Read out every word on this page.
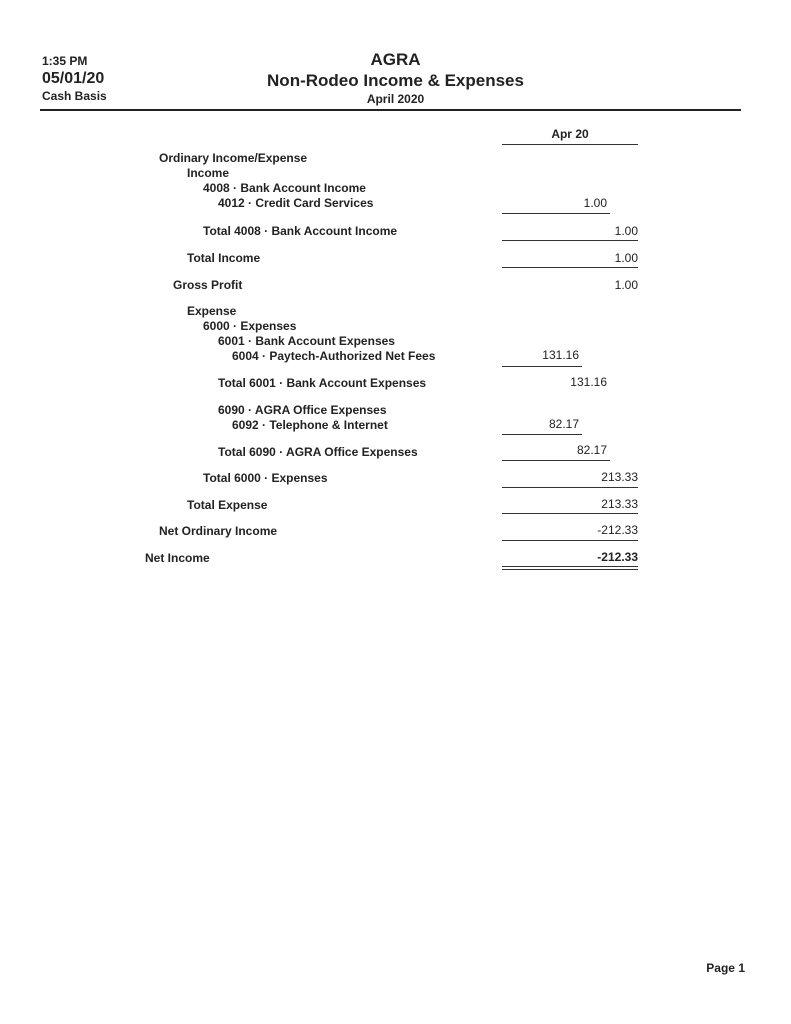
1:35 PM
05/01/20
Cash Basis
AGRA
Non-Rodeo Income & Expenses
April 2020
Apr 20
Ordinary Income/Expense
Income
4008 · Bank Account Income
4012 · Credit Card Services	1.00
Total 4008 · Bank Account Income	1.00
Total Income	1.00
Gross Profit	1.00
Expense
6000 · Expenses
6001 · Bank Account Expenses
6004 · Paytech-Authorized Net Fees	131.16
Total 6001 · Bank Account Expenses	131.16
6090 · AGRA Office Expenses
6092 · Telephone & Internet	82.17
Total 6090 · AGRA Office Expenses	82.17
Total 6000 · Expenses	213.33
Total Expense	213.33
Net Ordinary Income	-212.33
Net Income	-212.33
Page 1
